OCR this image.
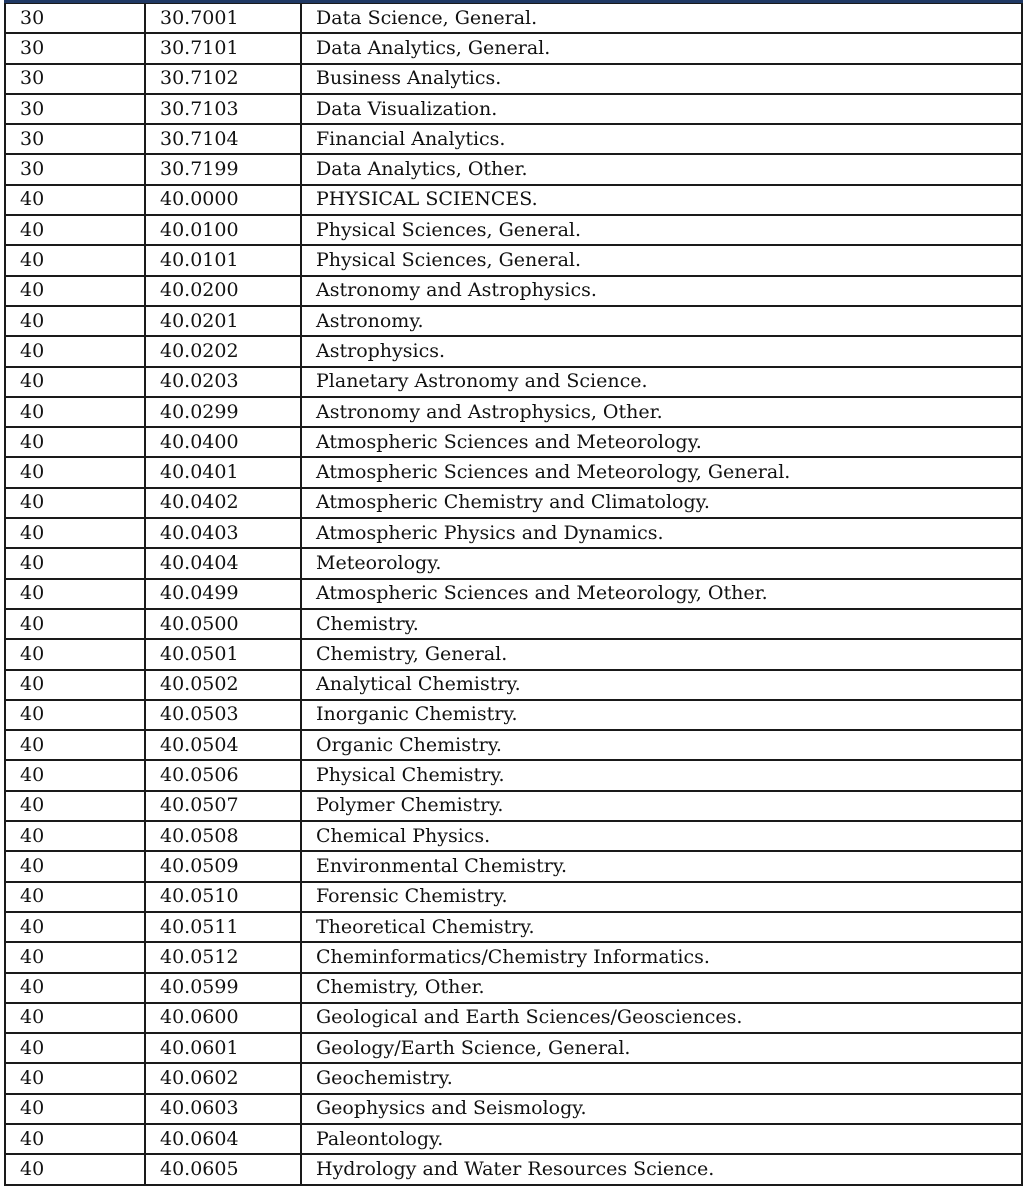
30	30.7001	Data Science, General.
30	30.7101	Data Analytics, General.
30	30.7102	Business Analytics.
30	30.7103	Data Visualization.
30	30.7104	Financial Analytics.
30	30.7199	Data Analytics, Other.
40	40.0000	PHYSICAL SCIENCES.
40	40.0100	Physical Sciences, General.
40	40.0101	Physical Sciences, General.
40	40.0200	Astronomy and Astrophysics.
40	40.0201	Astronomy.
40	40.0202	Astrophysics.
40	40.0203	Planetary Astronomy and Science.
40	40.0299	Astronomy and Astrophysics, Other.
40	40.0400	Atmospheric Sciences and Meteorology.
40	40.0401	Atmospheric Sciences and Meteorology, General.
40	40.0402	Atmospheric Chemistry and Climatology.
40	40.0403	Atmospheric Physics and Dynamics.
40	40.0404	Meteorology.
40	40.0499	Atmospheric Sciences and Meteorology, Other.
40	40.0500	Chemistry.
40	40.0501	Chemistry, General.
40	40.0502	Analytical Chemistry.
40	40.0503	Inorganic Chemistry.
40	40.0504	Organic Chemistry.
40	40.0506	Physical Chemistry.
40	40.0507	Polymer Chemistry.
40	40.0508	Chemical Physics.
40	40.0509	Environmental Chemistry.
40	40.0510	Forensic Chemistry.
40	40.0511	Theoretical Chemistry.
40	40.0512	Cheminformatics/Chemistry Informatics.
40	40.0599	Chemistry, Other.
40	40.0600	Geological and Earth Sciences/Geosciences.
40	40.0601	Geology/Earth Science, General.
40	40.0602	Geochemistry.
40	40.0603	Geophysics and Seismology.
40	40.0604	Paleontology.
40	40.0605	Hydrology and Water Resources Science.
